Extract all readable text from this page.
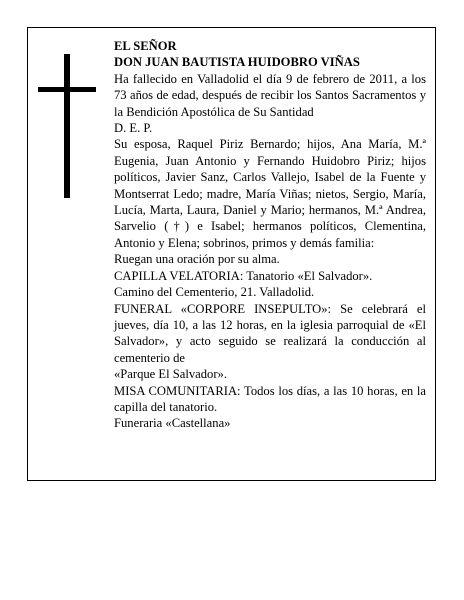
EL SEÑOR

DON JUAN BAUTISTA HUIDOBRO VIÑAS

Ha fallecido en Valladolid el día 9 de febrero de 2011, a los 73 años de edad, después de recibir los Santos Sacramentos y la Bendición Apostólica de Su Santidad

D. E. P.

Su esposa, Raquel Piriz Bernardo; hijos, Ana María, M.ª Eugenia, Juan Antonio y Fernando Huidobro Piriz; hijos políticos, Javier Sanz, Carlos Vallejo, Isabel de la Fuente y Montserrat Ledo; madre, María Viñas; nietos, Sergio, María, Lucía, Marta, Laura, Daniel y Mario; hermanos, M.ª Andrea, Sarvelio (†) e Isabel; hermanos políticos, Clementina, Antonio y Elena; sobrinos, primos y demás familia:

Ruegan una oración por su alma.

CAPILLA VELATORIA: Tanatorio «El Salvador».

Camino del Cementerio, 21. Valladolid.

FUNERAL «CORPORE INSEPULTO»: Se celebrará el jueves, día 10, a las 12 horas, en la iglesia parroquial de «El Salvador», y acto seguido se realizará la conducción al cementerio de

«Parque El Salvador».

MISA COMUNITARIA: Todos los días, a las 10 horas, en la capilla del tanatorio.

Funeraria «Castellana»
